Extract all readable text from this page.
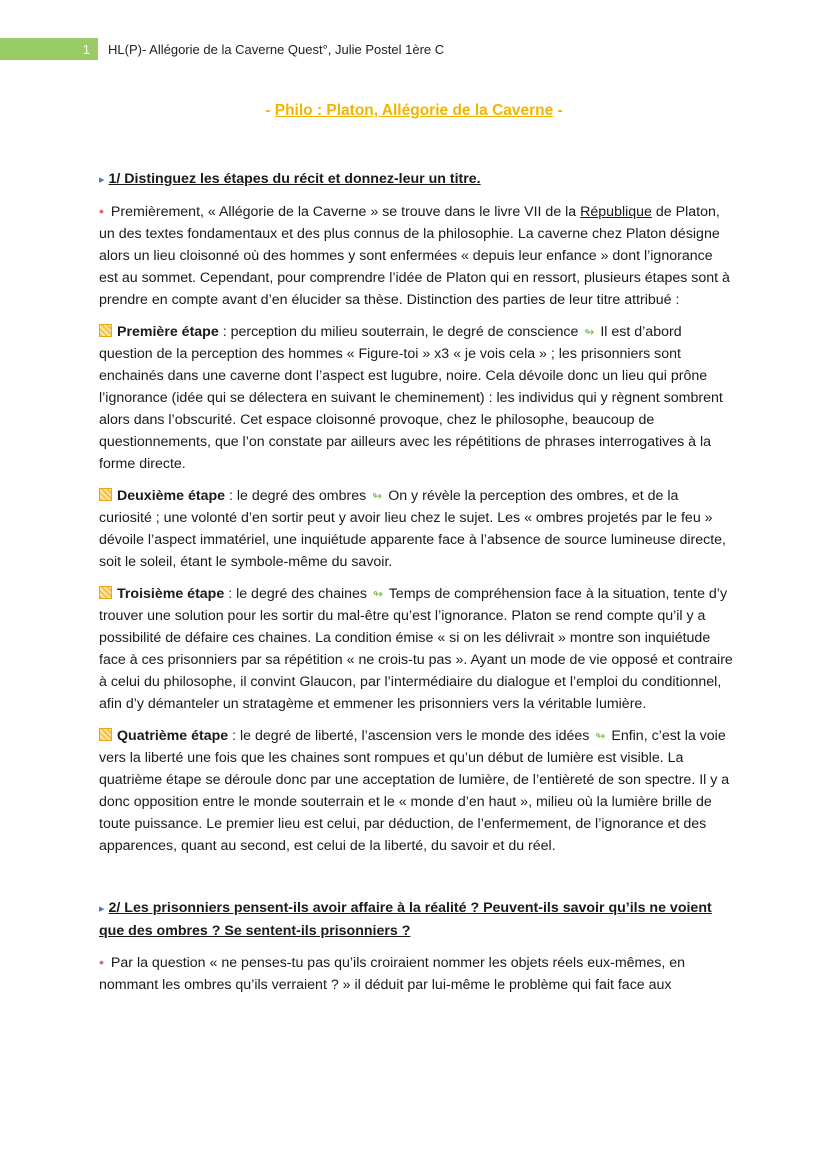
1	HL(P)- Allégorie de la Caverne Quest°, Julie Postel 1ère C
- Philo : Platon, Allégorie de la Caverne -
▸ 1/ Distinguez les étapes du récit et donnez-leur un titre.

• Premièrement, « Allégorie de la Caverne » se trouve dans le livre VII de la République de Platon, un des textes fondamentaux et des plus connus de la philosophie. La caverne chez Platon désigne alors un lieu cloisonné où des hommes y sont enfermées « depuis leur enfance » dont l’ignorance est au sommet. Cependant, pour comprendre l’idée de Platon qui en ressort, plusieurs étapes sont à prendre en compte avant d’en élucider sa thèse. Distinction des parties de leur titre attribué :

Première étape : perception du milieu souterrain, le degré de conscience ↬ Il est d’abord question de la perception des hommes « Figure-toi » x3 « je vois cela » ; les prisonniers sont enchainés dans une caverne dont l’aspect est lugubre, noire. Cela dévoile donc un lieu qui prône l’ignorance (idée qui se délectera en suivant le cheminement) : les individus qui y règnent sombrent alors dans l’obscurité. Cet espace cloisonné provoque, chez le philosophe, beaucoup de questionnements, que l’on constate par ailleurs avec les répétitions de phrases interrogatives à la forme directe.

Deuxième étape : le degré des ombres ↬ On y révèle la perception des ombres, et de la curiosité ; une volonté d’en sortir peut y avoir lieu chez le sujet. Les « ombres projetés par le feu » dévoile l’aspect immatériel, une inquiétude apparente face à l’absence de source lumineuse directe, soit le soleil, étant le symbole-même du savoir.

Troisième étape : le degré des chaines ↬ Temps de compréhension face à la situation, tente d’y trouver une solution pour les sortir du mal-être qu’est l’ignorance. Platon se rend compte qu’il y a possibilité de défaire ces chaines. La condition émise « si on les délivrait » montre son inquiétude face à ces prisonniers par sa répétition « ne crois-tu pas ». Ayant un mode de vie opposé et contraire à celui du philosophe, il convint Glaucon, par l’intermédiaire du dialogue et l’emploi du conditionnel, afin d’y démanteler un stratagème et emmener les prisonniers vers la véritable lumière.

Quatrième étape : le degré de liberté, l’ascension vers le monde des idées ↬ Enfin, c’est la voie vers la liberté une fois que les chaines sont rompues et qu’un début de lumière est visible. La quatrième étape se déroule donc par une acceptation de lumière, de l’entièreté de son spectre. Il y a donc opposition entre le monde souterrain et le « monde d’en haut », milieu où la lumière brille de toute puissance. Le premier lieu est celui, par déduction, de l’enfermement, de l’ignorance et des apparences, quant au second, est celui de la liberté, du savoir et du réel.

▸ 2/ Les prisonniers pensent-ils avoir affaire à la réalité ? Peuvent-ils savoir qu’ils ne voient que des ombres ? Se sentent-ils prisonniers ?

• Par la question « ne penses-tu pas qu’ils croiraient nommer les objets réels eux-mêmes, en nommant les ombres qu’ils verraient ? » il déduit par lui-même le problème qui fait face aux
